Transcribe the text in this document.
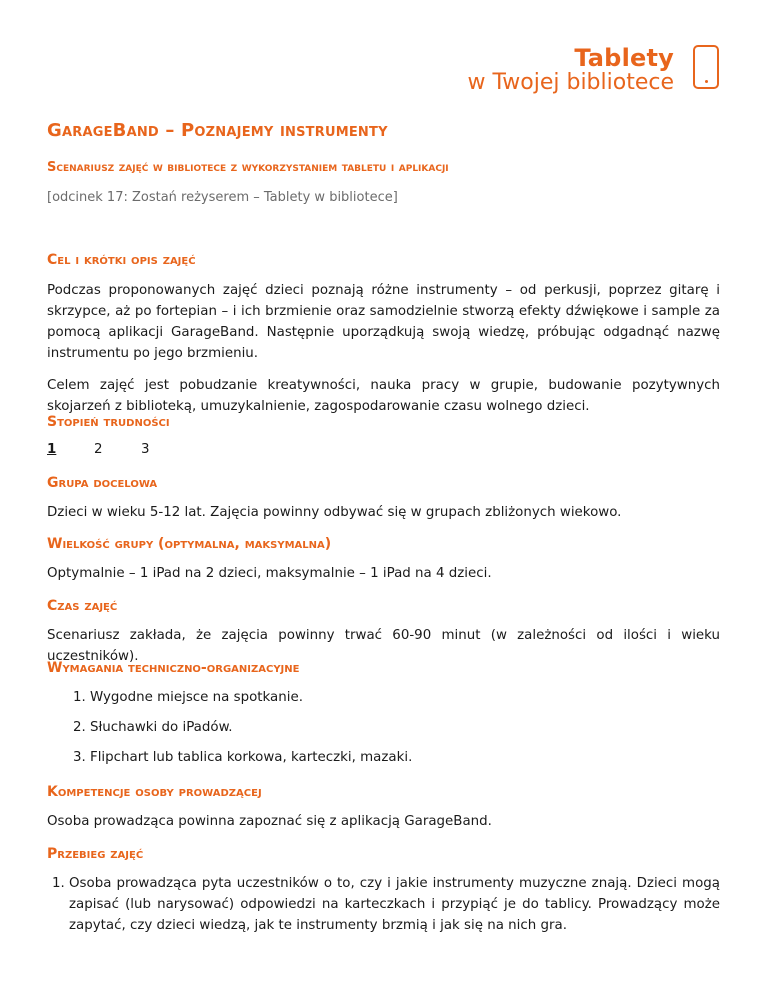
Tablety
w Twojej bibliotece
GarageBand – Poznajemy instrumenty
Scenariusz zajęć w bibliotece z wykorzystaniem tabletu i aplikacji
[odcinek 17: Zostań reżyserem – Tablety w bibliotece]
Cel i krótki opis zajęć

Podczas proponowanych zajęć dzieci poznają różne instrumenty – od perkusji, poprzez gitarę i skrzypce, aż po fortepian – i ich brzmienie oraz samodzielnie stworzą efekty dźwiękowe i sample za pomocą aplikacji GarageBand. Następnie uporządkują swoją wiedzę, próbując odgadnąć nazwę instrumentu po jego brzmieniu.

Celem zajęć jest pobudzanie kreatywności, nauka pracy w grupie, budowanie pozytywnych skojarzeń z biblioteką, umuzykalnienie, zagospodarowanie czasu wolnego dzieci.

Stopień trudności
1	2	3
Grupa docelowa

Dzieci w wieku 5-12 lat. Zajęcia powinny odbywać się w grupach zbliżonych wiekowo.

Wielkość grupy (optymalna, maksymalna)

Optymalnie – 1 iPad na 2 dzieci, maksymalnie – 1 iPad na 4 dzieci.

Czas zajęć

Scenariusz zakłada, że zajęcia powinny trwać 60-90 minut (w zależności od ilości i wieku uczestników).

Wymagania techniczno-organizacyjne
1. Wygodne miejsce na spotkanie.
2. Słuchawki do iPadów.
3. Flipchart lub tablica korkowa, karteczki, mazaki.
Kompetencje osoby prowadzącej

Osoba prowadząca powinna zapoznać się z aplikacją GarageBand.

Przebieg zajęć
1. Osoba prowadząca pyta uczestników o to, czy i jakie instrumenty muzyczne znają. Dzieci mogą zapisać (lub narysować) odpowiedzi na karteczkach i przypiąć je do tablicy. Prowadzący może zapytać, czy dzieci wiedzą, jak te instrumenty brzmią i jak się na nich gra.
